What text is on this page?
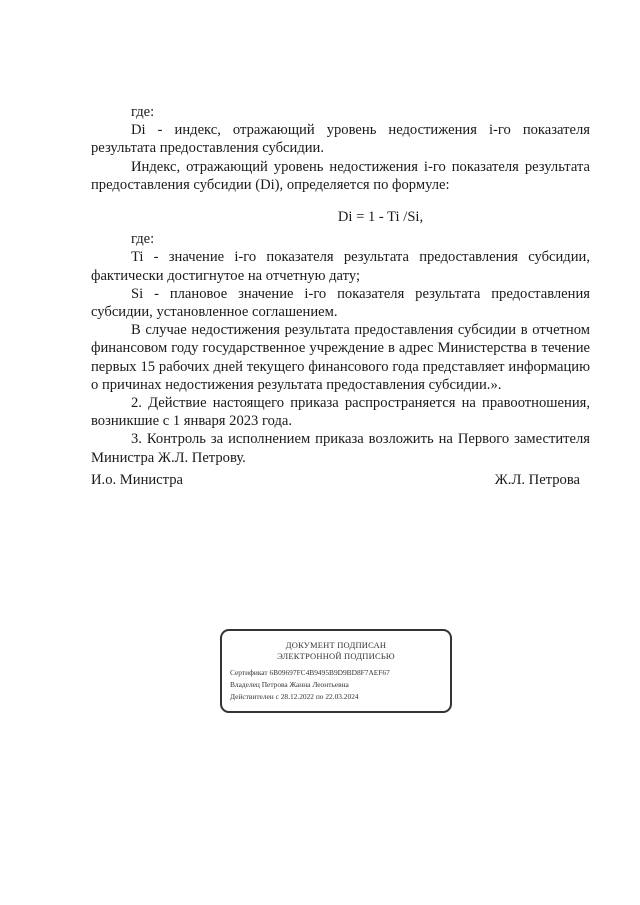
где:

Di - индекс, отражающий уровень недостижения i-го показателя результата предоставления субсидии.

Индекс, отражающий уровень недостижения i-го показателя результата предоставления субсидии (Di), определяется по формуле:

Di = 1 - Ti /Si,

где:

Ti - значение i-го показателя результата предоставления субсидии, фактически достигнутое на отчетную дату;

Si - плановое значение i-го показателя результата предоставления субсидии, установленное соглашением.

В случае недостижения результата предоставления субсидии в отчетном финансовом году государственное учреждение в адрес Министерства в течение первых 15 рабочих дней текущего финансового года представляет информацию о причинах недостижения результата предоставления субсидии.».

2. Действие настоящего приказа распространяется на правоотношения, возникшие с 1 января 2023 года.

3. Контроль за исполнением приказа возложить на Первого заместителя Министра Ж.Л. Петрову.

И.о. Министра	Ж.Л. Петрова
ДОКУМЕНТ ПОДПИСАН
ЭЛЕКТРОННОЙ ПОДПИСЬЮ
Сертификат 6B09697FC4B9495B9D9BD8F7AEF67
Владелец Петрова Жанна Леонтьевна
Действителен с 28.12.2022 по 22.03.2024
